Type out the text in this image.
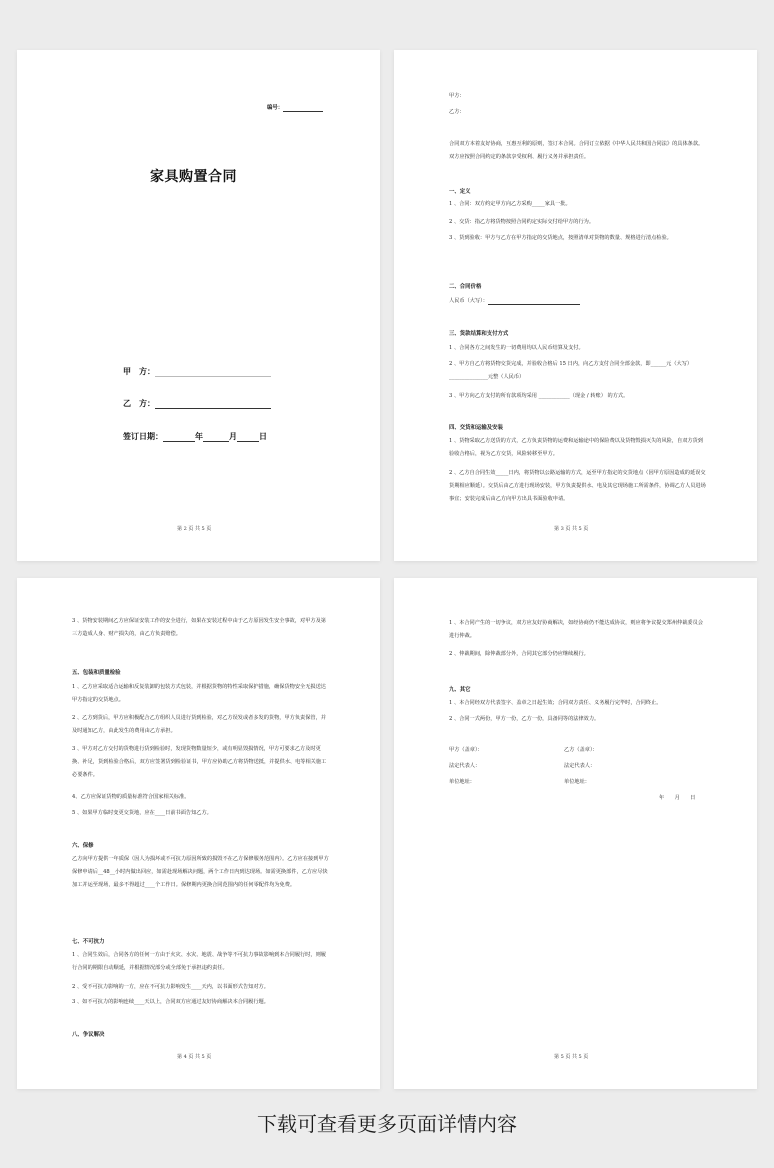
编号：
家具购置合同
甲　方：
乙　方：
签订日期：	年	月	日
第 2 页 共 5 页
甲方：
乙方：
合同双方本着友好协商，互惠互利的原则，签订本合同。合同订立依据《中华人民共和国合同法》的具体条款。双方应按照合同约定的条款享受权利、履行义务并承担责任。
一、定义
1 、合同：双方约定甲方向乙方采购_____家具一批。
2 、交货：指乙方将货物按照合同约定实际交付给甲方的行为。
3 、货到验收：甲方与乙方在甲方指定的交货地点，按照清单对货物的数量、规格进行清点检验。
二、合同价格
人民币（大写）：
三、货款结算和支付方式
1 、合同各方之间发生的一切费用均以人民币结算及支付。
2 、甲方自乙方将货物交货完成，并验收合格后 15 日内，向乙方支付合同全部金款，即______元（大写）_______________元整（人民币）
3 、甲方向乙方支付的所有款项均采用 ____________（现金 / 转账） 的方式。
四、交货和运输及安装
1 、货物采取乙方送货的方式，乙方负责货物的运费和运输途中的保险费以及货物毁损灭失的风险，自双方货到验收合格后，视为乙方交货，风险转移至甲方。
2 、乙方自合同生效_____日内，将货物以公路运输的方式，运至甲方指定的交货地点（因甲方原因造成的延误交货期相应顺延）。交货后由乙方进行现场安装，甲方负责提供水、电及其它现场施工所需条件，协调乙方人员进场事宜；安装完成后由乙方向甲方出具书面验收申请。
第 3 页 共 5 页
3 、货物安装期间乙方应保证安装工作的安全进行，如果在安装过程中由于乙方原因发生安全事故，对甲方及第三方造成人身、财产损失的，由乙方负责赔偿。
五、包装和质量检验
1 、乙方应采取适合运输和反复装卸的包装方式包装，并根据货物的特性采取保护措施，确保货物安全无损送达甲方指定的交货地点。
2 、乙方到货后，甲方应积极配合乙方组织人员进行货到检验，对乙方误发或者多发的货物，甲方负责保管，并及时通知乙方，由此发生的费用由乙方承担。
3 、甲方对乙方交付的货物进行货到检验时，发现货物数量短少，或有明显毁损情况，甲方可要求乙方及时更换、补足，货到检验合格后，双方应签署货到检验证书，甲方应协助乙方将货物送抵，并提供水、电等相关施工必要条件。
4、乙方应保证货物的质量标准符合国家相关标准。
5 、如果甲方临时变更交货地，应在____日前书面告知乙方。
六、保修
乙方向甲方提供一年质保（因人为损坏或不可抗力原因所致的损毁不在乙方保修服务范围内）。乙方应在接到甲方保修申请后__48__小时内做出回应，如需赴现场解决问题，两个工作日内到达现场。如需更换部件，乙方应尽快加工并运至现场，最多不得超过____个工作日。保修期内更换合同范围内的任何零配件均为免费。
七、不可抗力
1 、合同生效后，合同各方的任何一方由于火灾、水灾、地震、战争等不可抗力事故影响到本合同履行时，则履行合同的期限自动顺延，并根据情况部分或全部免于承担违约责任。
2 、受不可抗力影响的一方，应在不可抗力影响发生____天内，以书面形式告知对方。
3 、如不可抗力的影响连续____天以上，合同双方应通过友好协商解决本合同履行题。
八、争议解决
第 4 页 共 5 页
1 、本合同产生的一切争议，双方应友好协商解决，如经协商仍不能达成协议，则应将争议提交郑州仲裁委员会进行仲裁。
2 、仲裁期间，除仲裁部分外，合同其它部分仍应继续履行。
九、其它
1 、本合同经双方代表签字、盖章之日起生效；合同双方责任、义务履行完毕时，合同终止。
2 、合同一式两份，甲方一份，乙方一份，具备同等的法律效力。
甲方（盖章）：	乙方（盖章）：
法定代表人：	法定代表人：
单位地址：	单位地址：
年　　月　　日
第 5 页 共 5 页
下载可查看更多页面详情内容
